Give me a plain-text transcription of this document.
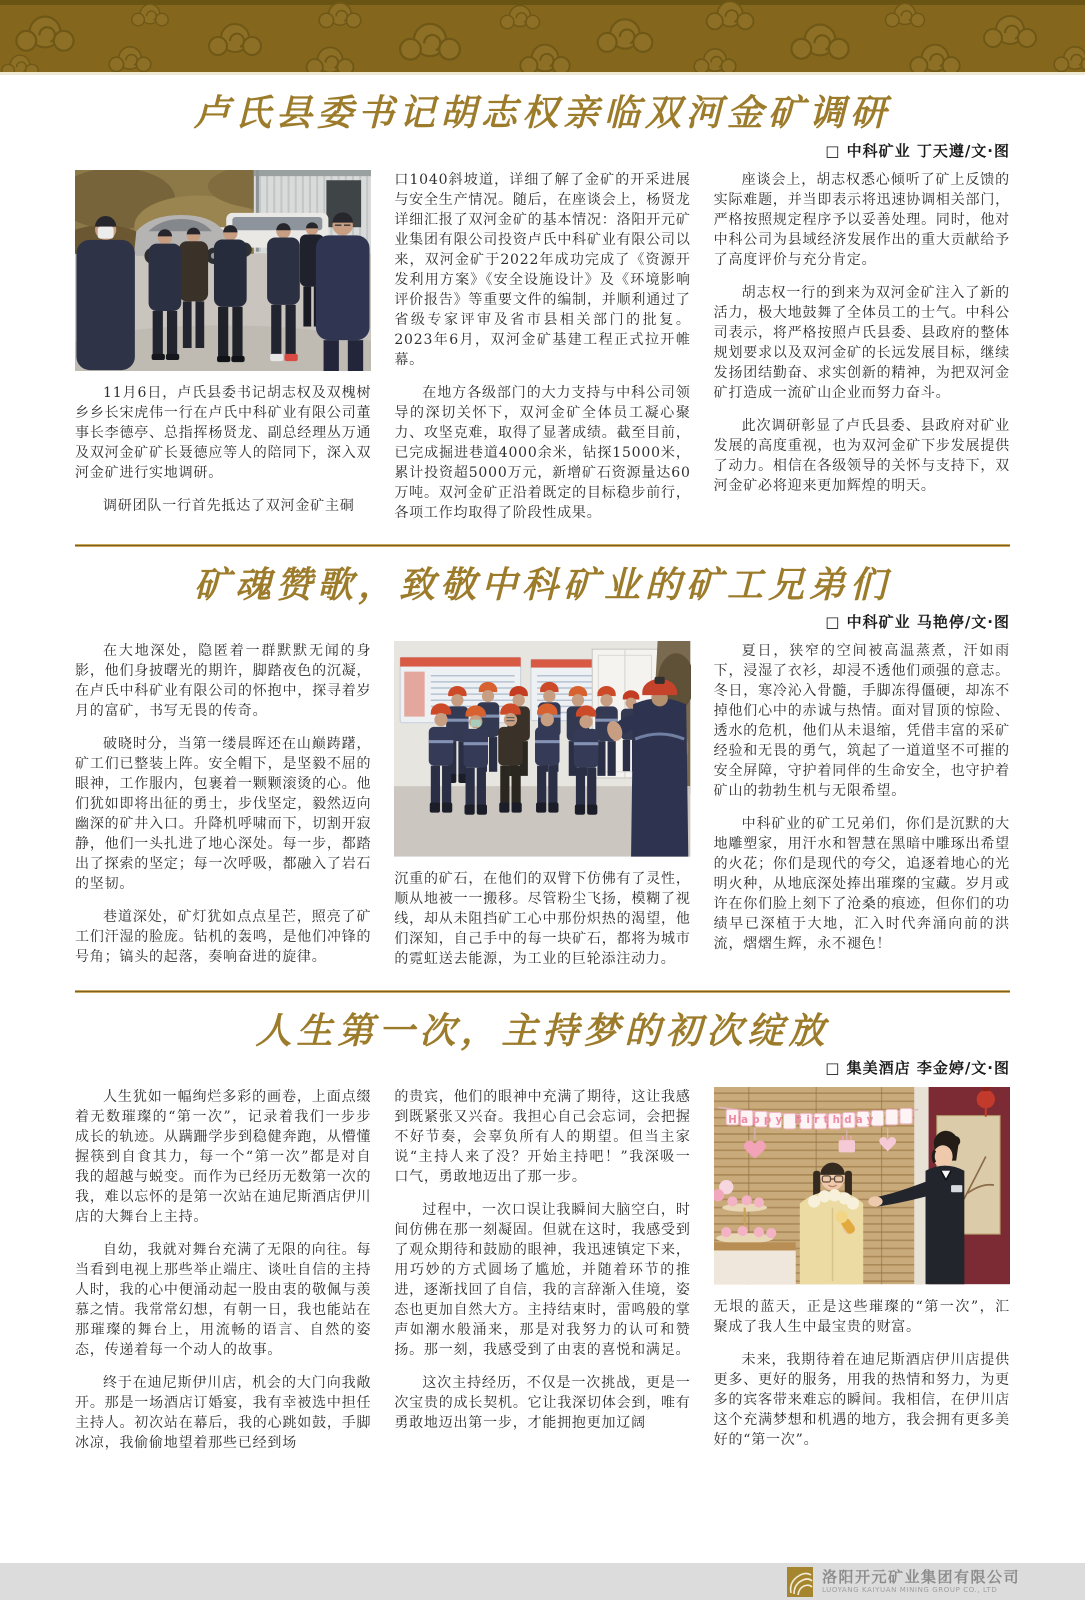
卢氏县委书记胡志权亲临双河金矿调研
□ 中科矿业 丁天遵/文·图

11月6日，卢氏县委书记胡志权及双槐树乡乡长宋虎伟一行在卢氏中科矿业有限公司董事长李德亭、总指挥杨贤龙、副总经理丛万通及双河金矿矿长聂德应等人的陪同下，深入双河金矿进行实地调研。

调研团队一行首先抵达了双河金矿主硐

口1040斜坡道，详细了解了金矿的开采进展与安全生产情况。随后，在座谈会上，杨贤龙详细汇报了双河金矿的基本情况：洛阳开元矿业集团有限公司投资卢氏中科矿业有限公司以来，双河金矿于2022年成功完成了《资源开发利用方案》《安全设施设计》及《环境影响评价报告》等重要文件的编制，并顺利通过了省级专家评审及省市县相关部门的批复。2023年6月，双河金矿基建工程正式拉开帷幕。

在地方各级部门的大力支持与中科公司领导的深切关怀下，双河金矿全体员工凝心聚力、攻坚克难，取得了显著成绩。截至目前，已完成掘进巷道4000余米，钻探15000米，累计投资超5000万元，新增矿石资源量达60万吨。双河金矿正沿着既定的目标稳步前行，各项工作均取得了阶段性成果。

座谈会上，胡志权悉心倾听了矿上反馈的实际难题，并当即表示将迅速协调相关部门，严格按照规定程序予以妥善处理。同时，他对中科公司为县域经济发展作出的重大贡献给予了高度评价与充分肯定。

胡志权一行的到来为双河金矿注入了新的活力，极大地鼓舞了全体员工的士气。中科公司表示，将严格按照卢氏县委、县政府的整体规划要求以及双河金矿的长远发展目标，继续发扬团结勤奋、求实创新的精神，为把双河金矿打造成一流矿山企业而努力奋斗。

此次调研彰显了卢氏县委、县政府对矿业发展的高度重视，也为双河金矿下步发展提供了动力。相信在各级领导的关怀与支持下，双河金矿必将迎来更加辉煌的明天。

矿魂赞歌，致敬中科矿业的矿工兄弟们
□ 中科矿业 马艳停/文·图

在大地深处，隐匿着一群默默无闻的身影，他们身披曙光的期许，脚踏夜色的沉凝，在卢氏中科矿业有限公司的怀抱中，探寻着岁月的富矿，书写无畏的传奇。

破晓时分，当第一缕晨晖还在山巅踌躇，矿工们已整装上阵。安全帽下，是坚毅不屈的眼神，工作服内，包裹着一颗颗滚烫的心。他们犹如即将出征的勇士，步伐坚定，毅然迈向幽深的矿井入口。升降机呼啸而下，切割开寂静，他们一头扎进了地心深处。每一步，都踏出了探索的坚定；每一次呼吸，都融入了岩石的坚韧。

巷道深处，矿灯犹如点点星芒，照亮了矿工们汗湿的脸庞。钻机的轰鸣，是他们冲锋的号角；镐头的起落，奏响奋进的旋律。

沉重的矿石，在他们的双臂下仿佛有了灵性，顺从地被一一搬移。尽管粉尘飞扬，模糊了视线，却从未阻挡矿工心中那份炽热的渴望，他们深知，自己手中的每一块矿石，都将为城市的霓虹送去能源，为工业的巨轮添注动力。

夏日，狭窄的空间被高温蒸煮，汗如雨下，浸湿了衣衫，却浸不透他们顽强的意志。冬日，寒冷沁入骨髓，手脚冻得僵硬，却冻不掉他们心中的赤诚与热情。面对冒顶的惊险、透水的危机，他们从未退缩，凭借丰富的采矿经验和无畏的勇气，筑起了一道道坚不可摧的安全屏障，守护着同伴的生命安全，也守护着矿山的勃勃生机与无限希望。

中科矿业的矿工兄弟们，你们是沉默的大地雕塑家，用汗水和智慧在黑暗中雕琢出希望的火花；你们是现代的夸父，追逐着地心的光明火种，从地底深处捧出璀璨的宝藏。岁月或许在你们脸上刻下了沧桑的痕迹，但你们的功绩早已深植于大地，汇入时代奔涌向前的洪流，熠熠生辉，永不褪色！

人生第一次，主持梦的初次绽放
□ 集美酒店 李金婷/文·图

人生犹如一幅绚烂多彩的画卷，上面点缀着无数璀璨的“第一次”，记录着我们一步步成长的轨迹。从蹒跚学步到稳健奔跑，从懵懂握筷到自食其力，每一个“第一次”都是对自我的超越与蜕变。而作为已经历无数第一次的我，难以忘怀的是第一次站在迪尼斯酒店伊川店的大舞台上主持。

自幼，我就对舞台充满了无限的向往。每当看到电视上那些举止端庄、谈吐自信的主持人时，我的心中便涌动起一股由衷的敬佩与羡慕之情。我常常幻想，有朝一日，我也能站在那璀璨的舞台上，用流畅的语言、自然的姿态，传递着每一个动人的故事。

终于在迪尼斯伊川店，机会的大门向我敞开。那是一场酒店订婚宴，我有幸被选中担任主持人。初次站在幕后，我的心跳如鼓，手脚冰凉，我偷偷地望着那些已经到场

的贵宾，他们的眼神中充满了期待，这让我感到既紧张又兴奋。我担心自己会忘词，会把握不好节奏，会辜负所有人的期望。但当主家说“主持人来了没？开始主持吧！”我深吸一口气，勇敢地迈出了那一步。

过程中，一次口误让我瞬间大脑空白，时间仿佛在那一刻凝固。但就在这时，我感受到了观众期待和鼓励的眼神，我迅速镇定下来，用巧妙的方式圆场了尴尬，并随着环节的推进，逐渐找回了自信，我的言辞渐入佳境，姿态也更加自然大方。主持结束时，雷鸣般的掌声如潮水般涌来，那是对我努力的认可和赞扬。那一刻，我感受到了由衷的喜悦和满足。

这次主持经历，不仅是一次挑战，更是一次宝贵的成长契机。它让我深切体会到，唯有勇敢地迈出第一步，才能拥抱更加辽阔

Happy Birthday

无垠的蓝天，正是这些璀璨的“第一次”，汇聚成了我人生中最宝贵的财富。

未来，我期待着在迪尼斯酒店伊川店提供更多、更好的服务，用我的热情和努力，为更多的宾客带来难忘的瞬间。我相信，在伊川店这个充满梦想和机遇的地方，我会拥有更多美好的“第一次”。

洛阳开元矿业集团有限公司
LUOYANG KAIYUAN MINING GROUP CO., LTD
